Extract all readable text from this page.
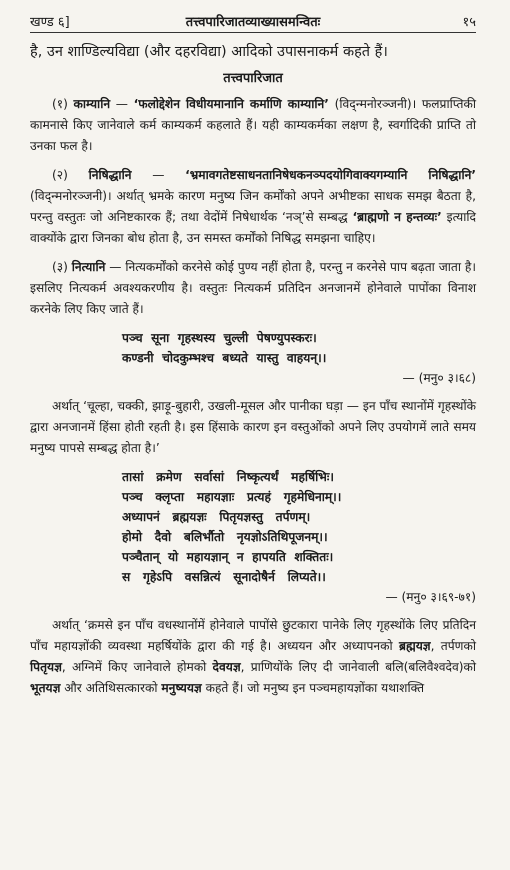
खण्ड ६]	तत्त्वपारिजातव्याख्यासमन्वितः	१५

है, उन शाण्डिल्यविद्या (और दहरविद्या) आदिको उपासनाकर्म कहते हैं।

तत्त्वपारिजात

(१) काम्यानि — ‘फलोद्देशेन विधीयमानानि कर्माणि काम्यानि’ (विद्न्मनोरञ्जनी)। फलप्राप्तिकी कामनासे किए जानेवाले कर्म काम्यकर्म कहलाते हैं। यही काम्यकर्मका लक्षण है, स्वर्गादिकी प्राप्ति तो उनका फल है।

(२) निषिद्धानि — ‘भ्रमावगतेष्टसाधनतानिषेधकनञ्पदयोगिवाक्यगम्यानि निषिद्धानि’ (विद्न्मनोरञ्जनी)। अर्थात् भ्रमके कारण मनुष्य जिन कर्मोंको अपने अभीष्टका साधक समझ बैठता है, परन्तु वस्तुतः जो अनिष्टकारक हैं; तथा वेदोंमें निषेधार्थक ‘नञ्’से सम्बद्ध ‘ब्राह्मणो न हन्तव्यः’ इत्यादि वाक्योंके द्वारा जिनका बोध होता है, उन समस्त कर्मोंको निषिद्ध समझना चाहिए।

(३) नित्यानि — नित्यकर्मोंको करनेसे कोई पुण्य नहीं होता है, परन्तु न करनेसे पाप बढ़ता जाता है। इसलिए नित्यकर्म अवश्यकरणीय है। वस्तुतः नित्यकर्म प्रतिदिन अनजानमें होनेवाले पापोंका विनाश करनेके लिए किए जाते हैं।

पञ्च  सूना  गृहस्थस्य  चुल्ली  पेषण्युपस्करः।
कण्डनी  चोदकुम्भश्च  बध्यते  यास्तु  वाहयन्।।
— (मनु० ३।६८)

अर्थात् ‘चूल्हा, चक्की, झाड़ू-बुहारी, उखली-मूसल और पानीका घड़ा — इन पाँच स्थानोंमें गृहस्थोंके द्वारा अनजानमें हिंसा होती रहती है। इस हिंसाके कारण इन वस्तुओंको अपने लिए उपयोगमें लाते समय मनुष्य पापसे सम्बद्ध होता है।’

तासां   क्रमेण   सर्वासां   निष्कृत्यर्थं   महर्षिभिः।
पञ्च   क्लृप्ता   महायज्ञाः   प्रत्यहं   गृहमेधिनाम्।।
अध्यापनं   ब्रह्मयज्ञः   पितृयज्ञस्तु   तर्पणम्।
होमो   दैवो   बलिर्भौतो   नृयज्ञोऽतिथिपूजनम्।।
पञ्चैतान्  यो  महायज्ञान्  न  हापयति  शक्तितः।
स   गृहेऽपि   वसन्नित्यं   सूनादोषैर्न   लिप्यते।।
— (मनु० ३।६९-७१)

अर्थात् ‘क्रमसे इन पाँच वधस्थानोंमें होनेवाले पापोंसे छुटकारा पानेके लिए गृहस्थोंके लिए प्रतिदिन पाँच महायज्ञोंकी व्यवस्था महर्षियोंके द्वारा की गई है। अध्ययन और अध्यापनको ब्रह्मयज्ञ, तर्पणको पितृयज्ञ, अग्निमें किए जानेवाले होमको देवयज्ञ, प्राणियोंके लिए दी जानेवाली बलि(बलिवैश्वदेव)को भूतयज्ञ और अतिथिसत्कारको मनुष्ययज्ञ कहते हैं। जो मनुष्य इन पञ्चमहायज्ञोंका यथाशक्ति
